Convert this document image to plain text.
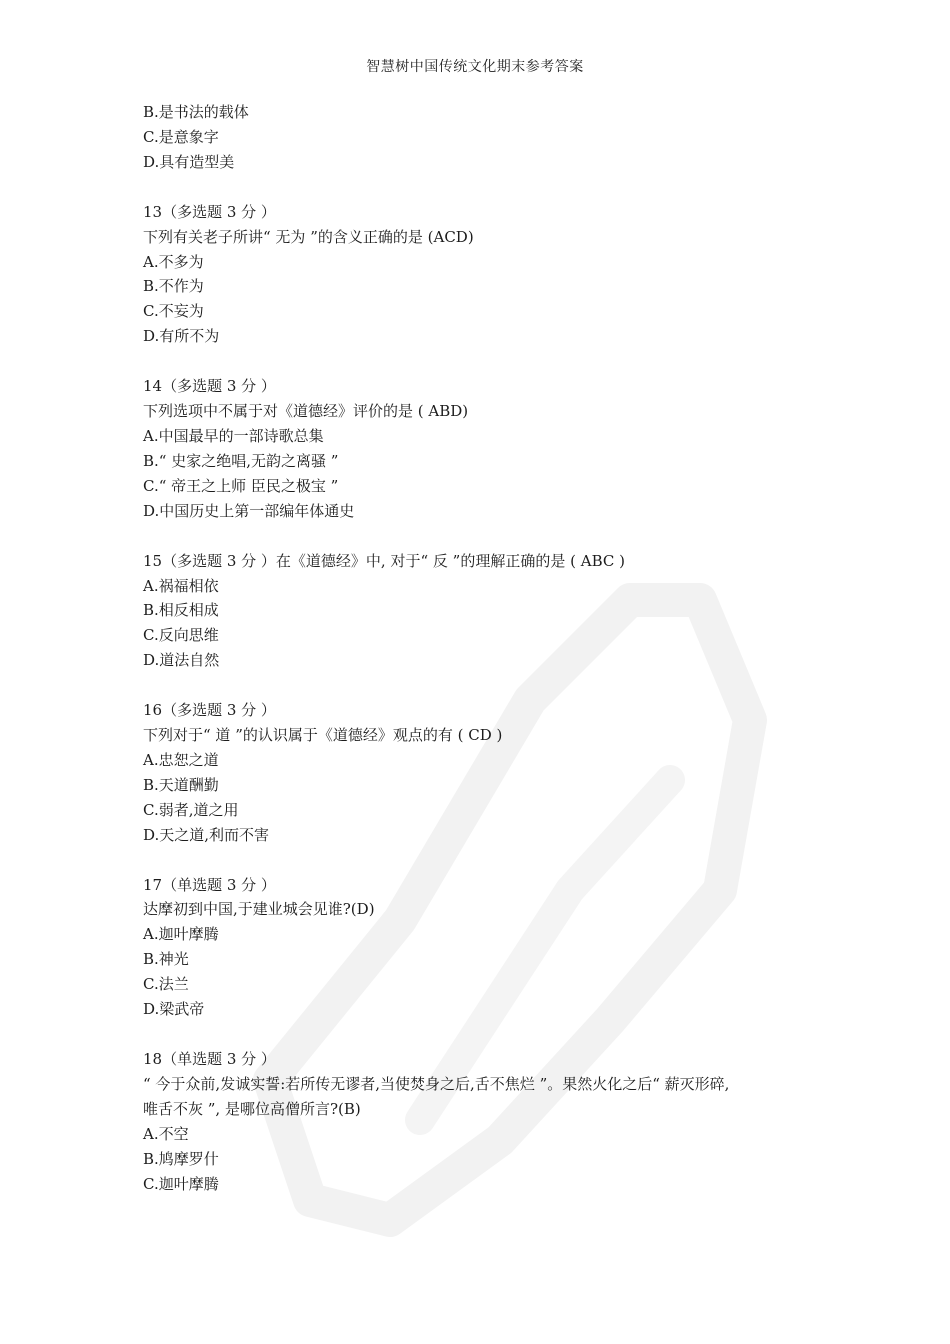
智慧树中国传统文化期末参考答案

B.是书法的载体

C.是意象字

D.具有造型美

13（多选题 3 分 ）

下列有关老子所讲“ 无为 ”的含义正确的是 (ACD)

A.不多为

B.不作为

C.不妄为

D.有所不为

14（多选题 3 分 ）

下列选项中不属于对《道德经》评价的是 ( ABD)

A.中国最早的一部诗歌总集

B.“ 史家之绝唱,无韵之离骚 ”

C.“ 帝王之上师 臣民之极宝 ”

D.中国历史上第一部编年体通史

15（多选题 3 分 ）在《道德经》中, 对于“ 反 ”的理解正确的是 ( ABC )

A.祸福相依

B.相反相成

C.反向思维

D.道法自然

16（多选题 3 分 ）

下列对于“ 道 ”的认识属于《道德经》观点的有 ( CD )

A.忠恕之道

B.天道酬勤

C.弱者,道之用

D.天之道,利而不害

17（单选题 3 分 ）

达摩初到中国,于建业城会见谁?(D)

A.迦叶摩腾

B.神光

C.法兰

D.梁武帝

18（单选题 3 分 ）

“ 今于众前,发诚实誓:若所传无谬者,当使焚身之后,舌不焦烂 ”。果然火化之后“ 薪灭形碎,

唯舌不灰 ”, 是哪位高僧所言?(B)

A.不空

B.鸠摩罗什

C.迦叶摩腾
